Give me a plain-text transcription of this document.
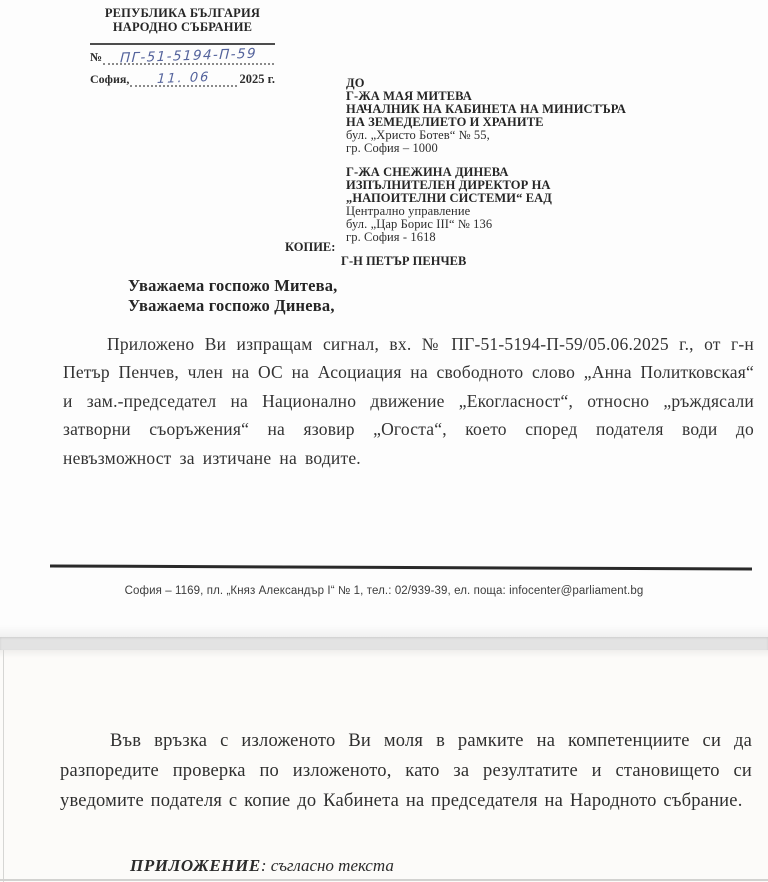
РЕПУБЛИКА БЪЛГАРИЯ
НАРОДНО СЪБРАНИЕ
№	ПГ-51-5194-П-59
София,	11. 06	2025 г.	ДО
Г-ЖА МАЯ МИТЕВА
НАЧАЛНИК НА КАБИНЕТА НА МИНИСТЪРА
НА ЗЕМЕДЕЛИЕТО И ХРАНИТЕ
бул. „Христо Ботев“ № 55,
гр. София – 1000
Г-ЖА СНЕЖИНА ДИНЕВА
ИЗПЪЛНИТЕЛЕН ДИРЕКТОР НА
„НАПОИТЕЛНИ СИСТЕМИ“ ЕАД
Централно управление
бул. „Цар Борис III“ № 136
гр. София - 1618
КОПИЕ:
Г-Н ПЕТЪР ПЕНЧЕВ
Уважаема госпожо Митева,
Уважаема госпожо Динева,

Приложено Ви изпращам сигнал, вх. № ПГ-51-5194-П-59/05.06.2025 г., от г-н Петър Пенчев, член на ОС на Асоциация на свободното слово „Анна Политковская“ и зам.-председател на Национално движение „Екогласност“, относно „ръждясали затворни съоръжения“ на язовир „Огоста“, което според подателя води до невъзможност за изтичане на водите.

София – 1169, пл. „Княз Александър I“ № 1, тел.: 02/939-39, ел. поща: infocenter@parliament.bg

Във връзка с изложеното Ви моля в рамките на компетенциите си да разпоредите проверка по изложеното, като за резултатите и становището си уведомите подателя с копие до Кабинета на председателя на Народното събрание.

ПРИЛОЖЕНИЕ: съгласно текста
